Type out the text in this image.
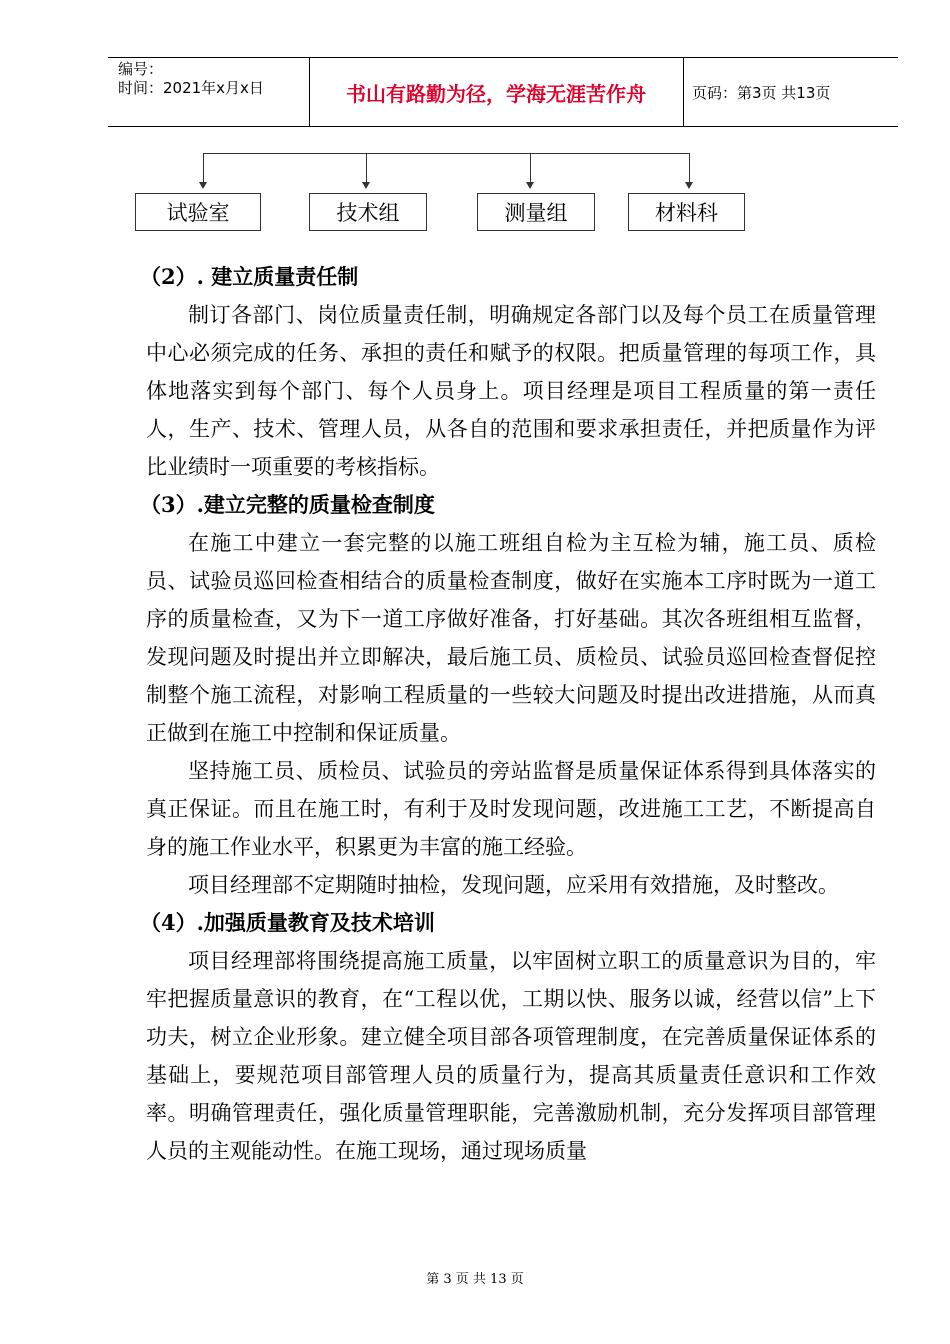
编号：
时间：2021年x月x日	书山有路勤为径，学海无涯苦作舟	页码：第3页 共13页
试验室	技术组	测量组	材料科
（2）. 建立质量责任制

制订各部门、岗位质量责任制，明确规定各部门以及每个员工在质量管理中心必须完成的任务、承担的责任和赋予的权限。把质量管理的每项工作，具体地落实到每个部门、每个人员身上。项目经理是项目工程质量的第一责任人，生产、技术、管理人员，从各自的范围和要求承担责任，并把质量作为评比业绩时一项重要的考核指标。

（3）.建立完整的质量检查制度

在施工中建立一套完整的以施工班组自检为主互检为辅，施工员、质检员、试验员巡回检查相结合的质量检查制度，做好在实施本工序时既为一道工序的质量检查，又为下一道工序做好准备，打好基础。其次各班组相互监督，发现问题及时提出并立即解决，最后施工员、质检员、试验员巡回检查督促控制整个施工流程，对影响工程质量的一些较大问题及时提出改进措施，从而真正做到在施工中控制和保证质量。

坚持施工员、质检员、试验员的旁站监督是质量保证体系得到具体落实的真正保证。而且在施工时，有利于及时发现问题，改进施工工艺，不断提高自身的施工作业水平，积累更为丰富的施工经验。

项目经理部不定期随时抽检，发现问题，应采用有效措施，及时整改。

（4）.加强质量教育及技术培训

项目经理部将围绕提高施工质量，以牢固树立职工的质量意识为目的，牢牢把握质量意识的教育，在“工程以优，工期以快、服务以诚，经营以信”上下功夫，树立企业形象。建立健全项目部各项管理制度，在完善质量保证体系的基础上，要规范项目部管理人员的质量行为，提高其质量责任意识和工作效率。明确管理责任，强化质量管理职能，完善激励机制，充分发挥项目部管理人员的主观能动性。在施工现场，通过现场质量

第 3 页 共 13 页
